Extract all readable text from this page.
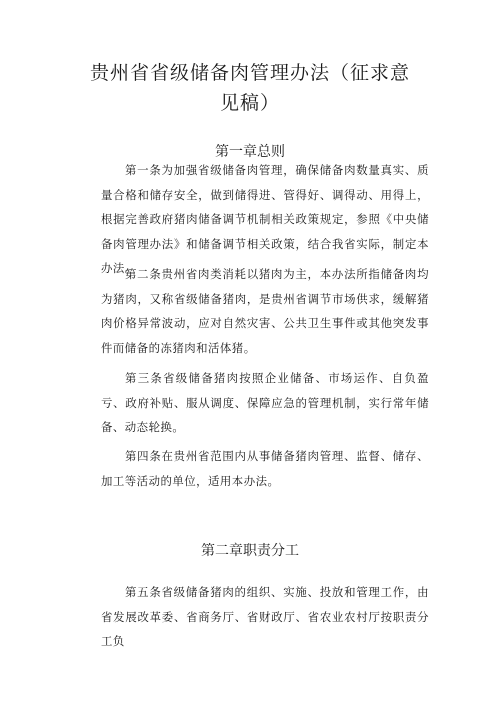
贵州省省级储备肉管理办法（征求意见稿）
第一章总则

第一条为加强省级储备肉管理，确保储备肉数量真实、质量合格和储存安全，做到储得进、管得好、调得动、用得上，根据完善政府猪肉储备调节机制相关政策规定，参照《中央储备肉管理办法》和储备调节相关政策，结合我省实际，制定本办法。

第二条贵州省肉类消耗以猪肉为主，本办法所指储备肉均为猪肉，又称省级储备猪肉，是贵州省调节市场供求，缓解猪肉价格异常波动，应对自然灾害、公共卫生事件或其他突发事件而储备的冻猪肉和活体猪。

第三条省级储备猪肉按照企业储备、市场运作、自负盈亏、政府补贴、服从调度、保障应急的管理机制，实行常年储备、动态轮换。

第四条在贵州省范围内从事储备猪肉管理、监督、储存、加工等活动的单位，适用本办法。

第二章职责分工

第五条省级储备猪肉的组织、实施、投放和管理工作，由省发展改革委、省商务厅、省财政厅、省农业农村厅按职责分工负
